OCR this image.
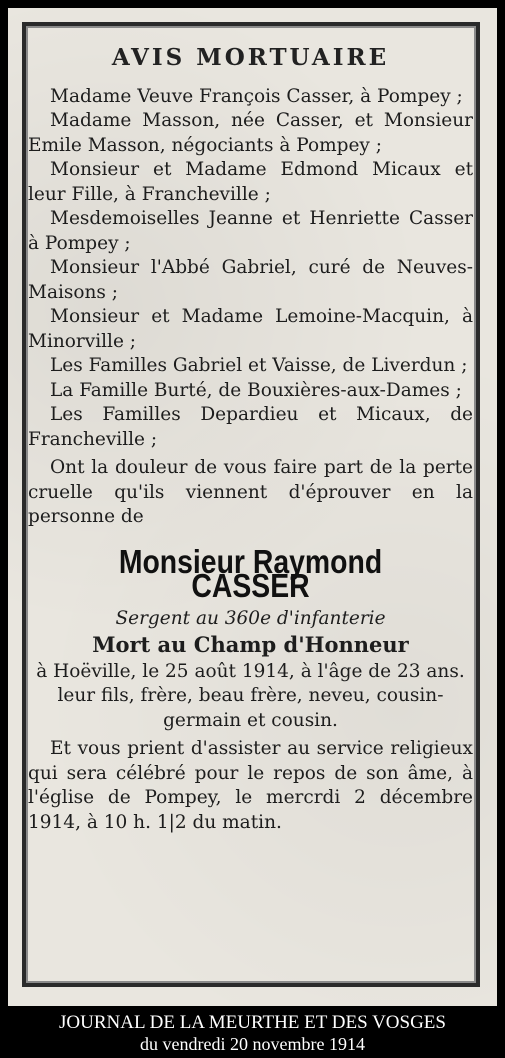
AVIS MORTUAIRE
Madame Veuve François Casser, à Pompey ;
Madame Masson, née Casser, et Monsieur Emile Masson, négociants à Pompey ;
Monsieur et Madame Edmond Micaux et leur Fille, à Francheville ;
Mesdemoiselles Jeanne et Henriette Casser à Pompey ;
Monsieur l'Abbé Gabriel, curé de Neuves-Maisons ;
Monsieur et Madame Lemoine-Macquin, à Minorville ;
Les Familles Gabriel et Vaisse, de Liverdun ;
La Famille Burté, de Bouxières-aux-Dames ;
Les Familles Depardieu et Micaux, de Francheville ;
Ont la douleur de vous faire part de la perte cruelle qu'ils viennent d'éprouver en la personne de
Monsieur Raymond CASSER
Sergent au 360e d'infanterie
Mort au Champ d'Honneur
à Hoëville, le 25 août 1914, à l'âge de 23 ans.
leur fils, frère, beau frère, neveu, cousin-germain et cousin.
Et vous prient d'assister au service religieux qui sera célébré pour le repos de son âme, à l'église de Pompey, le mercrdi 2 décembre 1914, à 10 h. 1|2 du matin.
JOURNAL DE LA MEURTHE ET DES VOSGES
du vendredi 20 novembre 1914
